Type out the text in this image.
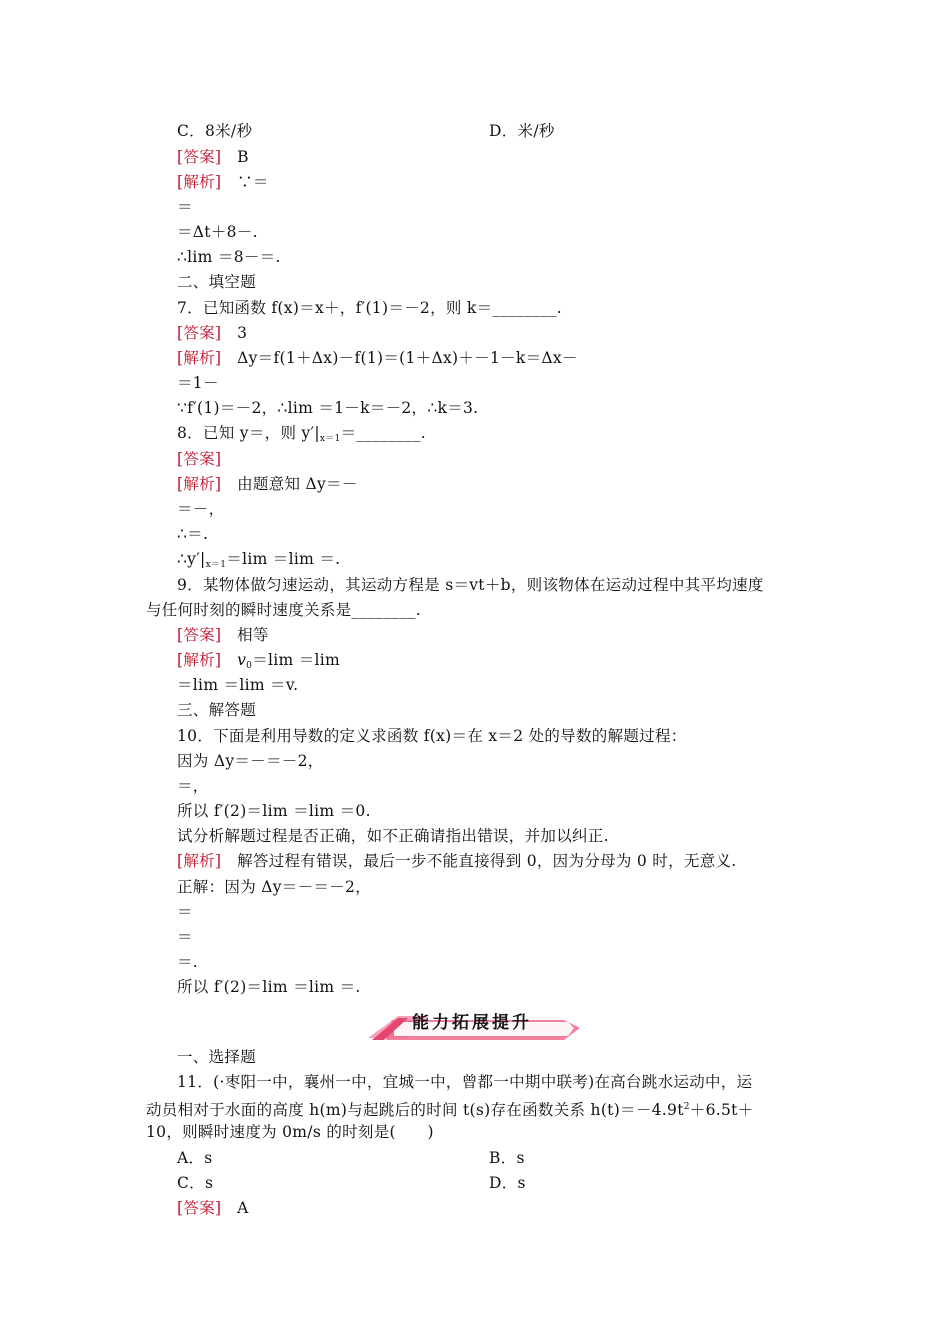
C．8米/秒	D．米/秒
[答案]　B
[解析]　∵＝
＝
＝Δt＋8－.
∴lim ＝8－＝.
二、填空题
7．已知函数 f(x)＝x＋，f′(1)＝－2，则 k＝________.
[答案]　3
[解析]　Δy＝f(1＋Δx)－f(1)＝(1＋Δx)＋－1－k＝Δx－
＝1－
∵f′(1)＝－2，∴lim ＝1－k＝－2，∴k＝3.
8．已知 y＝，则 $y'|_{x=1}=\_\_\_\_\_\_\_\_$.
[答案]
[解析]　由题意知 Δy＝－
＝－，
∴＝.
$\therefore y'|_{x=1}=\lim =\lim$ ＝.
9．某物体做匀速运动，其运动方程是 s＝vt＋b，则该物体在运动过程中其平均速度
与任何时刻的瞬时速度关系是________.
[答案]　相等
[解析]　$v_0=\lim =\lim$
＝lim ＝lim ＝v.
三、解答题
10．下面是利用导数的定义求函数 f(x)＝在 x＝2 处的导数的解题过程：
因为 Δy＝－＝－2，
＝，
所以 f′(2)＝lim ＝lim ＝0.
试分析解题过程是否正确，如不正确请指出错误，并加以纠正.
[解析]　解答过程有错误，最后一步不能直接得到 0，因为分母为 0 时，无意义.
正解：因为 Δy＝－＝－2，
＝
＝
＝.
所以 f′(2)＝lim ＝lim ＝.
能力拓展提升
一、选择题
11．(·枣阳一中，襄州一中，宜城一中，曾都一中期中联考)在高台跳水运动中，运
动员相对于水面的高度 h(m)与起跳后的时间 t(s)存在函数关系 $h(t)=-4.9t^2+6.5t+$
10，则瞬时速度为 0m/s 的时刻是(　　)
A．s	B．s
C．s	D．s
[答案]　A
